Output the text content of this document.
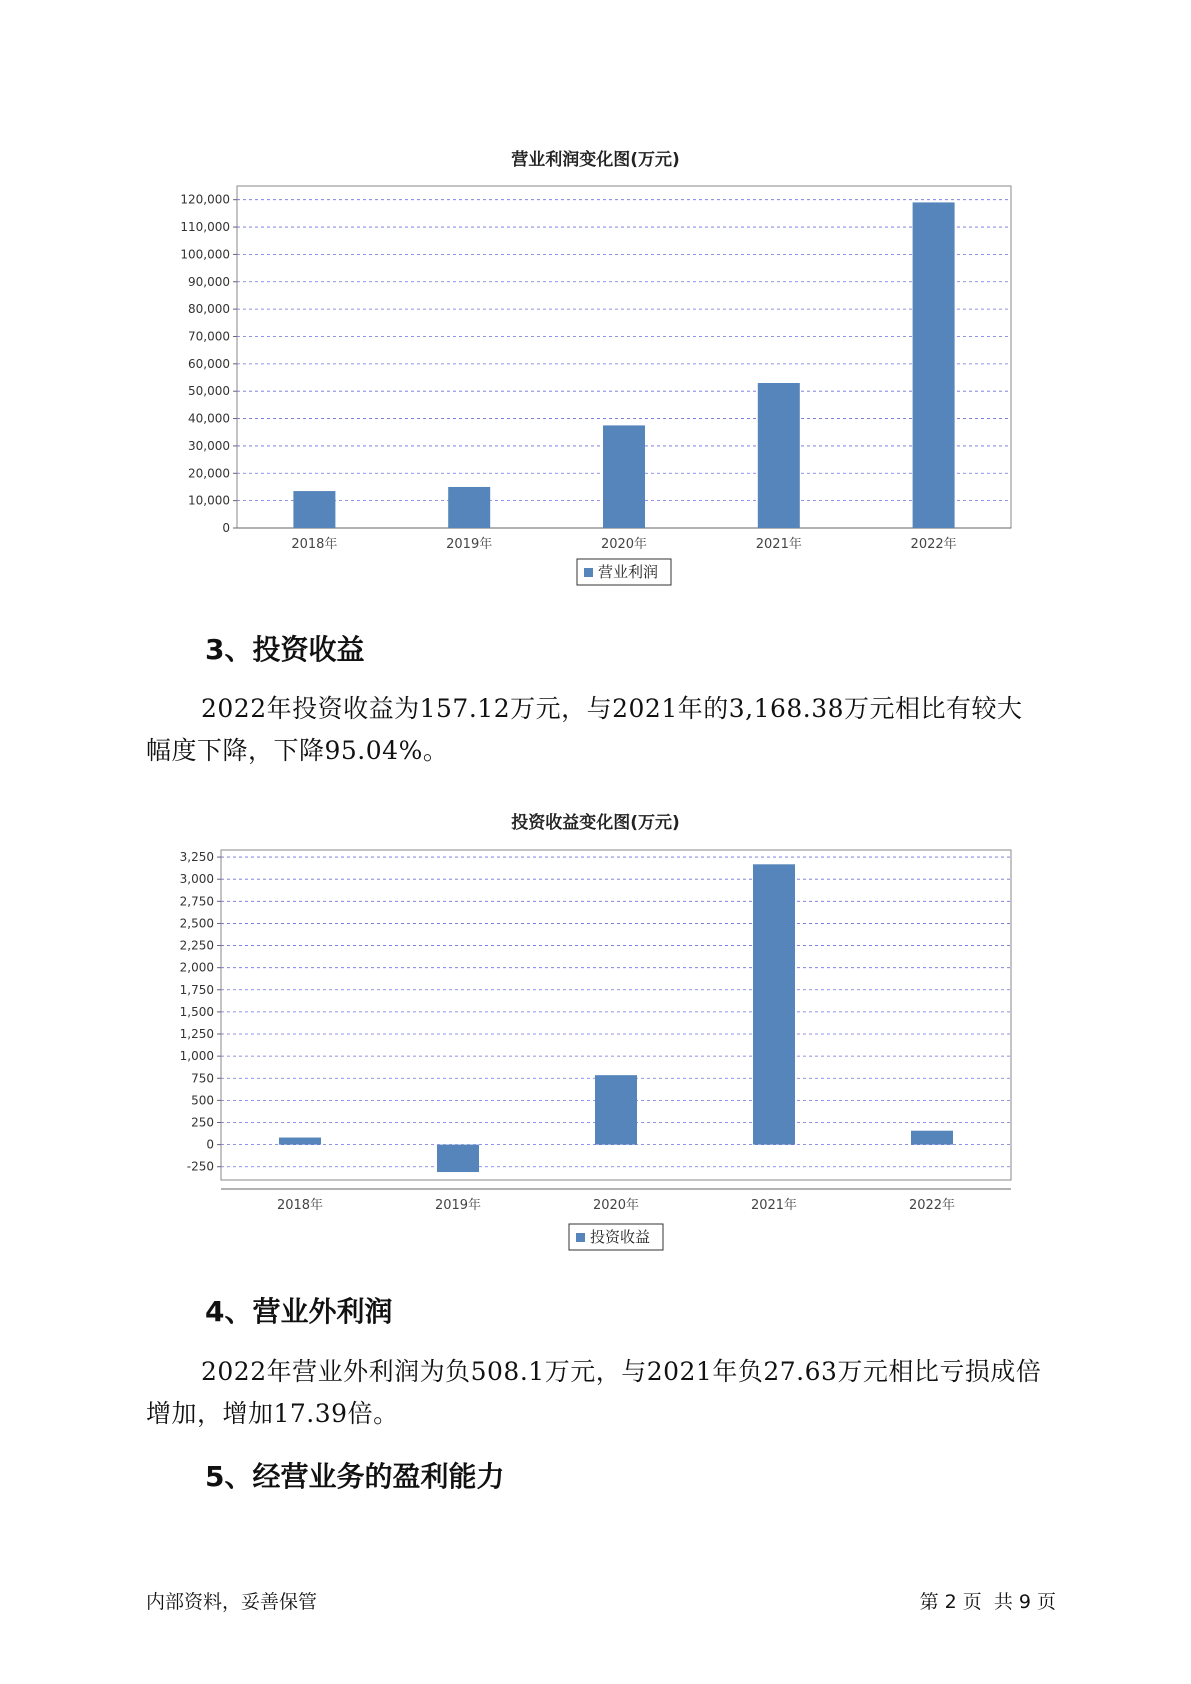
营业利润变化图(万元)
0
10,000
20,000
30,000
40,000
50,000
60,000
70,000
80,000
90,000
100,000
110,000
120,000
2018年	2019年	2020年	2021年	2022年
营业利润
3、投资收益
2022年投资收益为157.12万元，与2021年的3,168.38万元相比有较大幅度下降，下降95.04%。
投资收益变化图(万元)
-250
0
250
500
750
1,000
1,250
1,500
1,750
2,000
2,250
2,500
2,750
3,000
3,250
2018年	2019年	2020年	2021年	2022年
投资收益
4、营业外利润
2022年营业外利润为负508.1万元，与2021年负27.63万元相比亏损成倍增加，增加17.39倍。
5、经营业务的盈利能力
内部资料，妥善保管	第 2 页  共 9 页
